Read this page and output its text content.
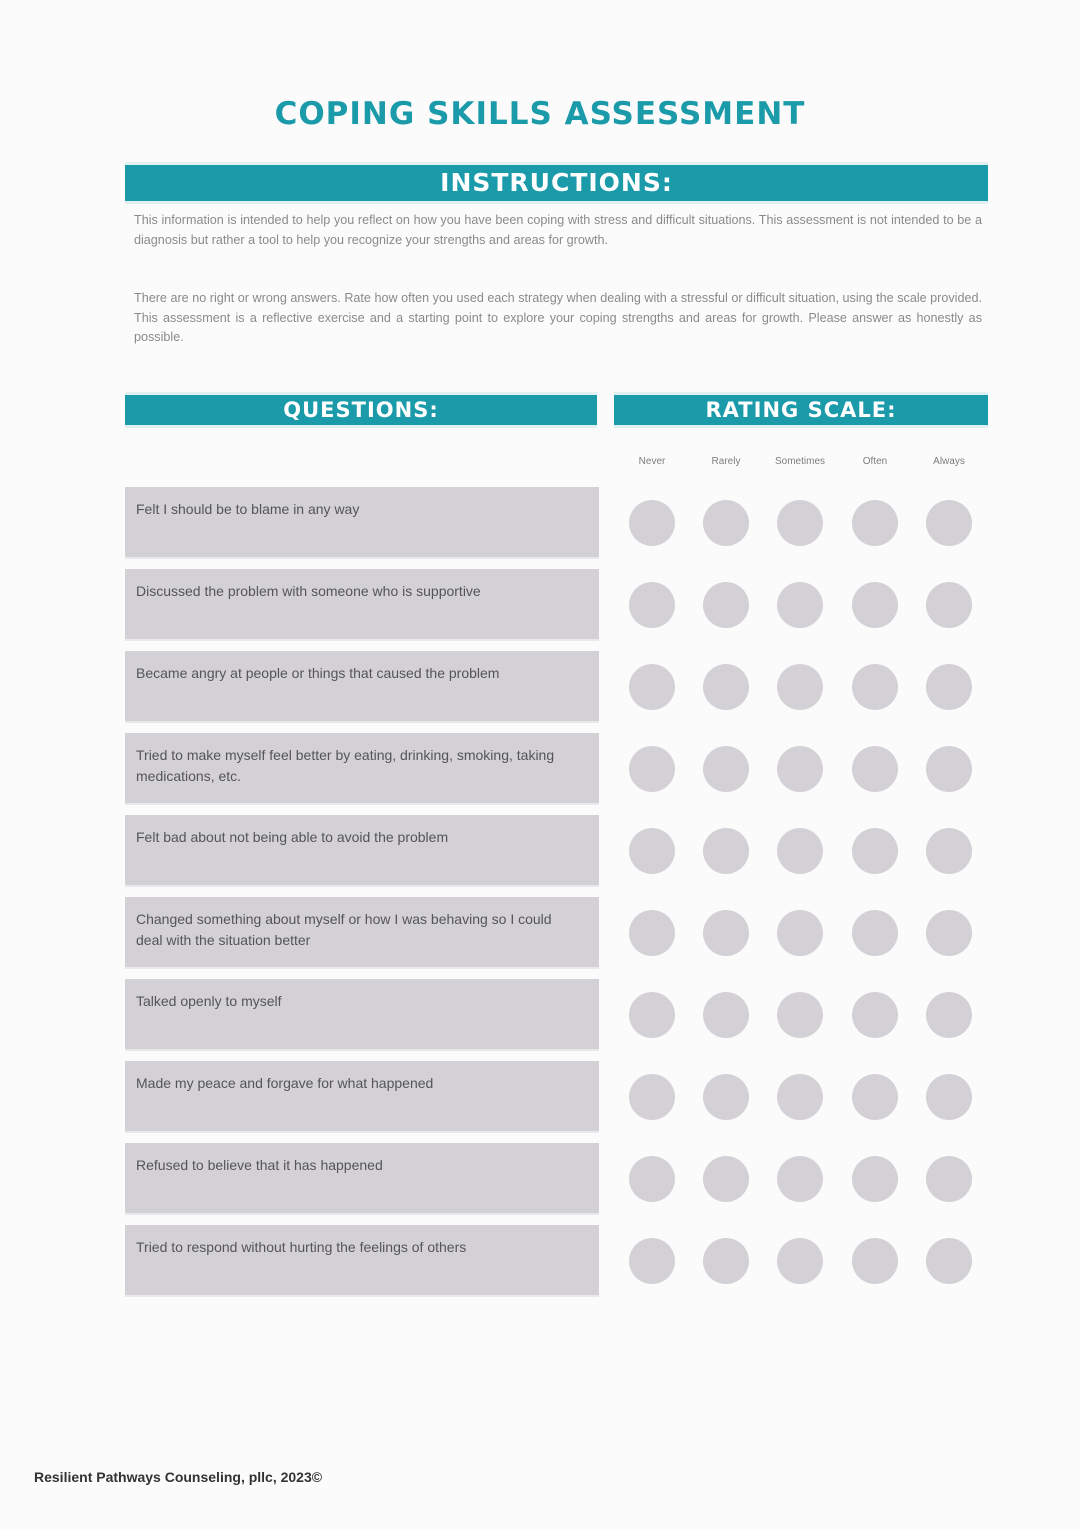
COPING SKILLS ASSESSMENT
INSTRUCTIONS:

This information is intended to help you reflect on how you have been coping with stress and difficult situations. This assessment is not intended to be a diagnosis but rather a tool to help you recognize your strengths and areas for growth.

There are no right or wrong answers. Rate how often you used each strategy when dealing with a stressful or difficult situation, using the scale provided. This assessment is a reflective exercise and a starting point to explore your coping strengths and areas for growth. Please answer as honestly as possible.

QUESTIONS:	RATING SCALE:
Never	Rarely	Sometimes	Often	Always
Felt I should be to blame in any way
Discussed the problem with someone who is supportive
Became angry at people or things that caused the problem
Tried to make myself feel better by eating, drinking, smoking, taking medications, etc.
Felt bad about not being able to avoid the problem
Changed something about myself or how I was behaving so I could deal with the situation better
Talked openly to myself
Made my peace and forgave for what happened
Refused to believe that it has happened
Tried to respond without hurting the feelings of others
Resilient Pathways Counseling, pllc, 2023©
